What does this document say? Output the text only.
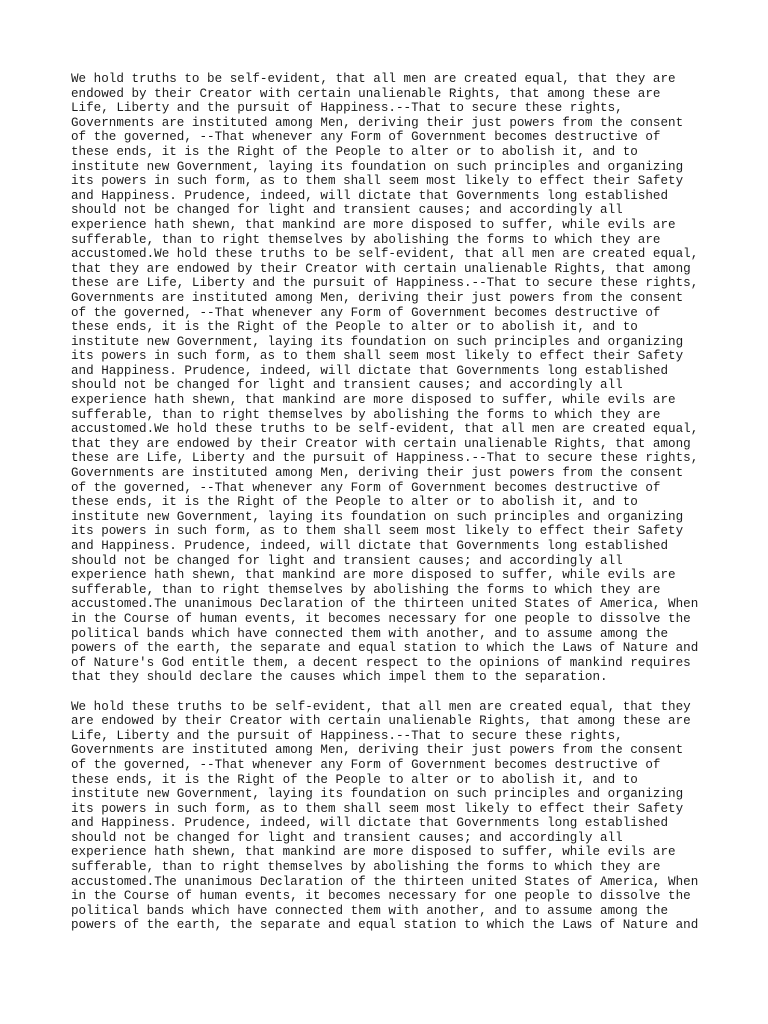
We hold truths to be self-evident, that all men are created equal, that they are
endowed by their Creator with certain unalienable Rights, that among these are
Life, Liberty and the pursuit of Happiness.--That to secure these rights,
Governments are instituted among Men, deriving their just powers from the consent
of the governed, --That whenever any Form of Government becomes destructive of
these ends, it is the Right of the People to alter or to abolish it, and to
institute new Government, laying its foundation on such principles and organizing
its powers in such form, as to them shall seem most likely to effect their Safety
and Happiness. Prudence, indeed, will dictate that Governments long established
should not be changed for light and transient causes; and accordingly all
experience hath shewn, that mankind are more disposed to suffer, while evils are
sufferable, than to right themselves by abolishing the forms to which they are
accustomed.We hold these truths to be self-evident, that all men are created equal,
that they are endowed by their Creator with certain unalienable Rights, that among
these are Life, Liberty and the pursuit of Happiness.--That to secure these rights,
Governments are instituted among Men, deriving their just powers from the consent
of the governed, --That whenever any Form of Government becomes destructive of
these ends, it is the Right of the People to alter or to abolish it, and to
institute new Government, laying its foundation on such principles and organizing
its powers in such form, as to them shall seem most likely to effect their Safety
and Happiness. Prudence, indeed, will dictate that Governments long established
should not be changed for light and transient causes; and accordingly all
experience hath shewn, that mankind are more disposed to suffer, while evils are
sufferable, than to right themselves by abolishing the forms to which they are
accustomed.We hold these truths to be self-evident, that all men are created equal,
that they are endowed by their Creator with certain unalienable Rights, that among
these are Life, Liberty and the pursuit of Happiness.--That to secure these rights,
Governments are instituted among Men, deriving their just powers from the consent
of the governed, --That whenever any Form of Government becomes destructive of
these ends, it is the Right of the People to alter or to abolish it, and to
institute new Government, laying its foundation on such principles and organizing
its powers in such form, as to them shall seem most likely to effect their Safety
and Happiness. Prudence, indeed, will dictate that Governments long established
should not be changed for light and transient causes; and accordingly all
experience hath shewn, that mankind are more disposed to suffer, while evils are
sufferable, than to right themselves by abolishing the forms to which they are
accustomed.The unanimous Declaration of the thirteen united States of America, When
in the Course of human events, it becomes necessary for one people to dissolve the
political bands which have connected them with another, and to assume among the
powers of the earth, the separate and equal station to which the Laws of Nature and
of Nature's God entitle them, a decent respect to the opinions of mankind requires
that they should declare the causes which impel them to the separation.
We hold these truths to be self-evident, that all men are created equal, that they
are endowed by their Creator with certain unalienable Rights, that among these are
Life, Liberty and the pursuit of Happiness.--That to secure these rights,
Governments are instituted among Men, deriving their just powers from the consent
of the governed, --That whenever any Form of Government becomes destructive of
these ends, it is the Right of the People to alter or to abolish it, and to
institute new Government, laying its foundation on such principles and organizing
its powers in such form, as to them shall seem most likely to effect their Safety
and Happiness. Prudence, indeed, will dictate that Governments long established
should not be changed for light and transient causes; and accordingly all
experience hath shewn, that mankind are more disposed to suffer, while evils are
sufferable, than to right themselves by abolishing the forms to which they are
accustomed.The unanimous Declaration of the thirteen united States of America, When
in the Course of human events, it becomes necessary for one people to dissolve the
political bands which have connected them with another, and to assume among the
powers of the earth, the separate and equal station to which the Laws of Nature and
